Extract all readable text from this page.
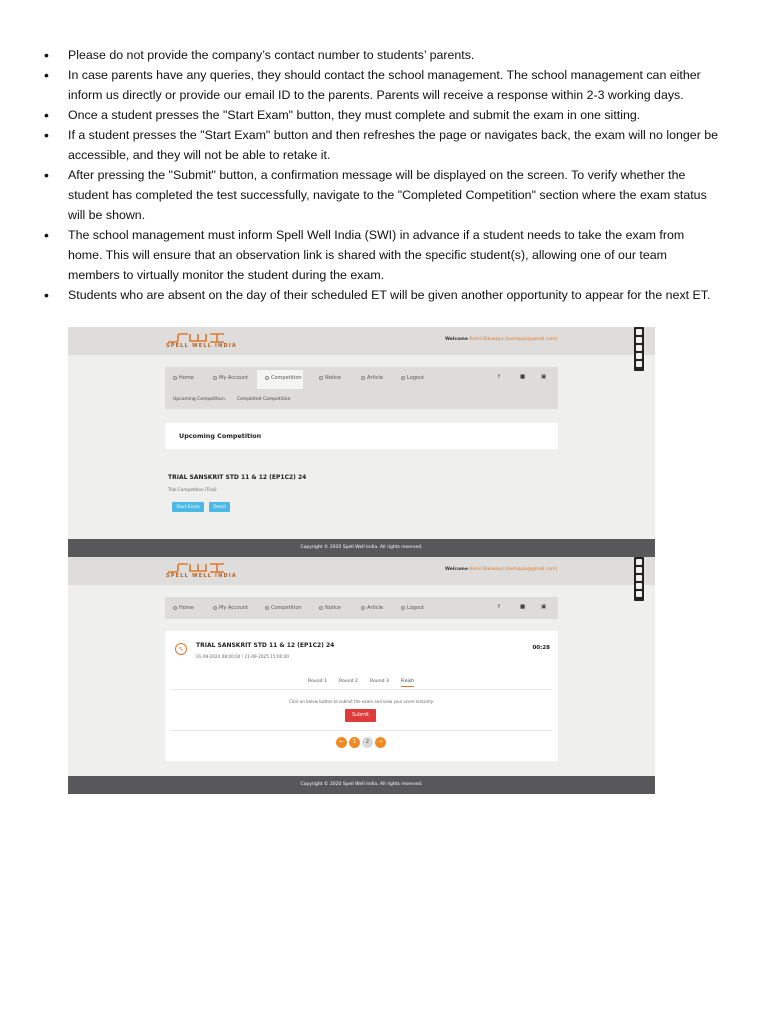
• Please do not provide the company’s contact number to students’ parents.
• In case parents have any queries, they should contact the school management. The school management can either inform us directly or provide our email ID to the parents. Parents will receive a response within 2-3 working days.
• Once a student presses the "Start Exam" button, they must complete and submit the exam in one sitting.
• If a student presses the "Start Exam" button and then refreshes the page or navigates back, the exam will no longer be accessible, and they will not be able to retake it.
• After pressing the "Submit" button, a confirmation message will be displayed on the screen. To verify whether the student has completed the test successfully, navigate to the "Completed Competition" section where the exam status will be shown.
• The school management must inform Spell Well India (SWI) in advance if a student needs to take the exam from home. This will ensure that an observation link is shared with the specific student(s), allowing one of our team members to virtually monitor the student during the exam.
• Students who are absent on the day of their scheduled ET will be given another opportunity to appear for the next ET.
SPELL WELL INDIA
Welcome Kamil Bakwaya (kamiquja@gmail.com)
Home	My Account	Competition	Notice	Article	Logout	f	■	▣
Upcoming Competition	Completed Competition
Upcoming Competition
TRIAL SANSKRIT STD 11 & 12 (EP1C2) 24
Trial Competition (Trial)
Start Exam	Detail
Copyright © 2020 Spell Well India. All rights reserved.
SPELL WELL INDIA
Welcome Kamil Bakwaya (kamiquja@gmail.com)
Home	My Account	Competition	Notice	Article	Logout	f	■	▣
✎
TRIAL SANSKRIT STD 11 & 12 (EP1C2) 24
01-09-2024 08:00:00 / 21-09-2025 15:00:00
00:28
Round 1	Round 2	Round 3	Finish
Click on below button to submit the exam and view your score instantly.
Submit
←	1	2	→
Copyright © 2020 Spell Well India. All rights reserved.
